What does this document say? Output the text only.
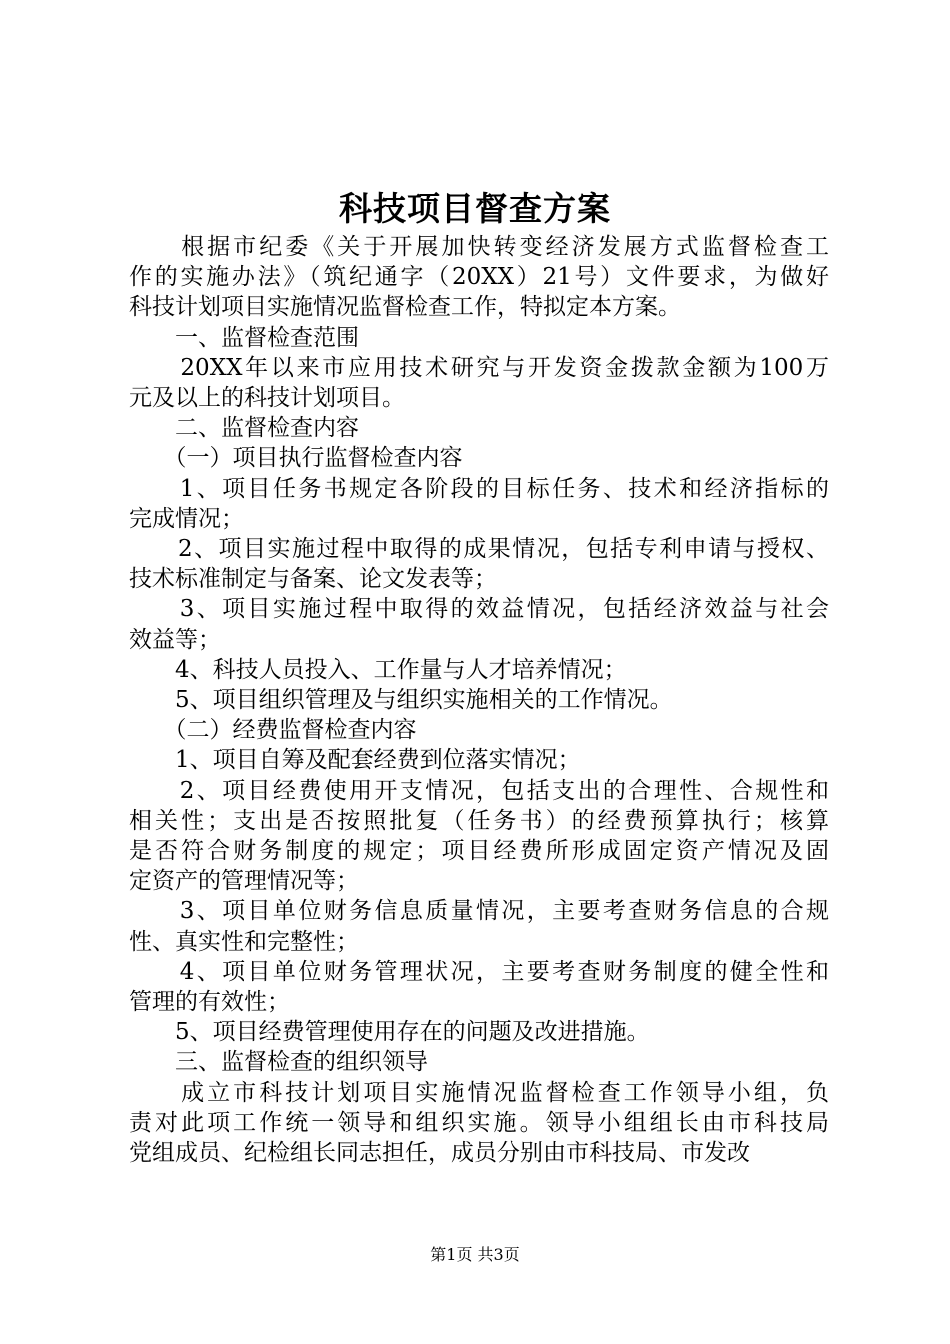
科技项目督查方案
　　根据市纪委《关于开展加快转变经济发展方式监督检查工
作的实施办法》（筑纪通字（20XX）21号）文件要求，为做好
科技计划项目实施情况监督检查工作，特拟定本方案。
　　一、监督检查范围
　　20XX年以来市应用技术研究与开发资金拨款金额为100万
元及以上的科技计划项目。
　　二、监督检查内容
　　（一）项目执行监督检查内容
　　1、项目任务书规定各阶段的目标任务、技术和经济指标的
完成情况；
　　2、项目实施过程中取得的成果情况，包括专利申请与授权、
技术标准制定与备案、论文发表等；
　　3、项目实施过程中取得的效益情况，包括经济效益与社会
效益等；
　　4、科技人员投入、工作量与人才培养情况；
　　5、项目组织管理及与组织实施相关的工作情况。
　　（二）经费监督检查内容
　　1、项目自筹及配套经费到位落实情况；
　　2、项目经费使用开支情况，包括支出的合理性、合规性和
相关性；支出是否按照批复（任务书）的经费预算执行；核算
是否符合财务制度的规定；项目经费所形成固定资产情况及固
定资产的管理情况等；
　　3、项目单位财务信息质量情况，主要考查财务信息的合规
性、真实性和完整性；
　　4、项目单位财务管理状况，主要考查财务制度的健全性和
管理的有效性；
　　5、项目经费管理使用存在的问题及改进措施。
　　三、监督检查的组织领导
　　成立市科技计划项目实施情况监督检查工作领导小组，负
责对此项工作统一领导和组织实施。领导小组组长由市科技局
党组成员、纪检组长同志担任，成员分别由市科技局、市发改
第1页 共3页
